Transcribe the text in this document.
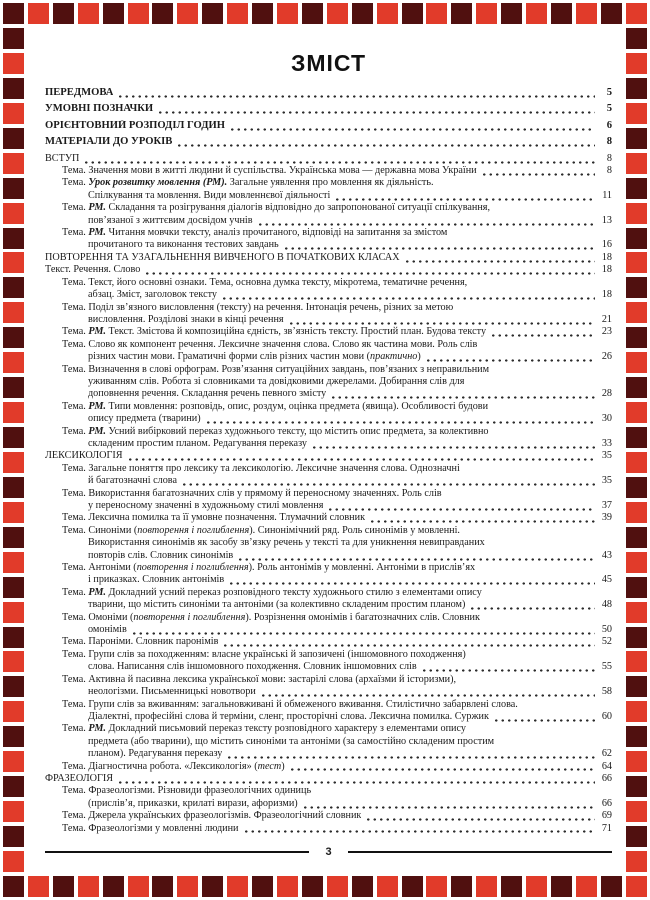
ЗМІСТ
ПЕРЕДМОВА	5
УМОВНІ ПОЗНАЧКИ	5
ОРІЄНТОВНИЙ РОЗПОДІЛ ГОДИН	6
МАТЕРІАЛИ ДО УРОКІВ	8
ВСТУП	8
Тема. Значення мови в житті людини й суспільства. Українська мова — державна мова України	8
Тема. Урок розвитку мовлення (РМ). Загальне уявлення про мовлення як діяльність.
Спілкування та мовлення. Види мовленнєвої діяльності	11
Тема. РМ. Складання та розігрування діалогів відповідно до запропонованої ситуації спілкування,
пов’язаної з життєвим досвідом учнів	13
Тема. РМ. Читання мовчки тексту, аналіз прочитаного, відповіді на запитання за змістом
прочитаного та виконання тестових завдань	16
ПОВТОРЕННЯ ТА УЗАГАЛЬНЕННЯ ВИВЧЕНОГО В ПОЧАТКОВИХ КЛАСАХ	18
Текст. Речення. Слово	18
Тема. Текст, його основні ознаки. Тема, основна думка тексту, мікротема, тематичне речення,
абзац. Зміст, заголовок тексту	18
Тема. Поділ зв’язного висловлення (тексту) на речення. Інтонація речень, різних за метою
висловлення. Розділові знаки в кінці речення	21
Тема. РМ. Текст. Змістова й композиційна єдність, зв’язність тексту. Простий план. Будова тексту	23
Тема. Слово як компонент речення. Лексичне значення слова. Слово як частина мови. Роль слів
різних частин мови. Граматичні форми слів різних частин мови (практично)	26
Тема. Визначення в слові орфограм. Розв’язання ситуаційних завдань, пов’язаних з неправильним
уживанням слів. Робота зі словниками та довідковими джерелами. Добирання слів для
доповнення речення. Складання речень певного змісту	28
Тема. РМ. Типи мовлення: розповідь, опис, роздум, оцінка предмета (явища). Особливості будови
опису предмета (тварини)	30
Тема. РМ. Усний вибірковий переказ художнього тексту, що містить опис предмета, за колективно
складеним простим планом. Редагування переказу	33
ЛЕКСИКОЛОГІЯ	35
Тема. Загальне поняття про лексику та лексикологію. Лексичне значення слова. Однозначні
й багатозначні слова	35
Тема. Використання багатозначних слів у прямому й переносному значеннях. Роль слів
у переносному значенні в художньому стилі мовлення	37
Тема. Лексична помилка та її умовне позначення. Тлумачний словник	39
Тема. Синоніми (повторення і поглиблення). Синонімічний ряд. Роль синонімів у мовленні.
Використання синонімів як засобу зв’язку речень у тексті та для уникнення невиправданих
повторів слів. Словник синонімів	43
Тема. Антоніми (повторення і поглиблення). Роль антонімів у мовленні. Антоніми в прислів’ях
і приказках. Словник антонімів	45
Тема. РМ. Докладний усний переказ розповідного тексту художнього стилю з елементами опису
тварини, що містить синоніми та антоніми (за колективно складеним простим планом)	48
Тема. Омоніми (повторення і поглиблення). Розрізнення омонімів і багатозначних слів. Словник
омонімів	50
Тема. Пароніми. Словник паронімів	52
Тема. Групи слів за походженням: власне українські й запозичені (іншомовного походження)
слова. Написання слів іншомовного походження. Словник іншомовних слів	55
Тема. Активна й пасивна лексика української мови: застарілі слова (архаїзми й історизми),
неологізми. Письменницькі новотвори	58
Тема. Групи слів за вживанням: загальновживані й обмеженого вживання. Стилістично забарвлені слова.
Діалектні, професійні слова й терміни, сленг, просторічні слова. Лексична помилка. Суржик	60
Тема. РМ. Докладний письмовий переказ тексту розповідного характеру з елементами опису
предмета (або тварини), що містить синоніми та антоніми (за самостійно складеним простим
планом). Редагування переказу	62
Тема. Діагностична робота. «Лексикологія» (тест)	64
ФРАЗЕОЛОГІЯ	66
Тема. Фразеологізми. Різновиди фразеологічних одиниць
(прислів’я, приказки, крилаті вирази, афоризми)	66
Тема. Джерела українських фразеологізмів. Фразеологічний словник	69
Тема. Фразеологізми у мовленні людини	71
3
